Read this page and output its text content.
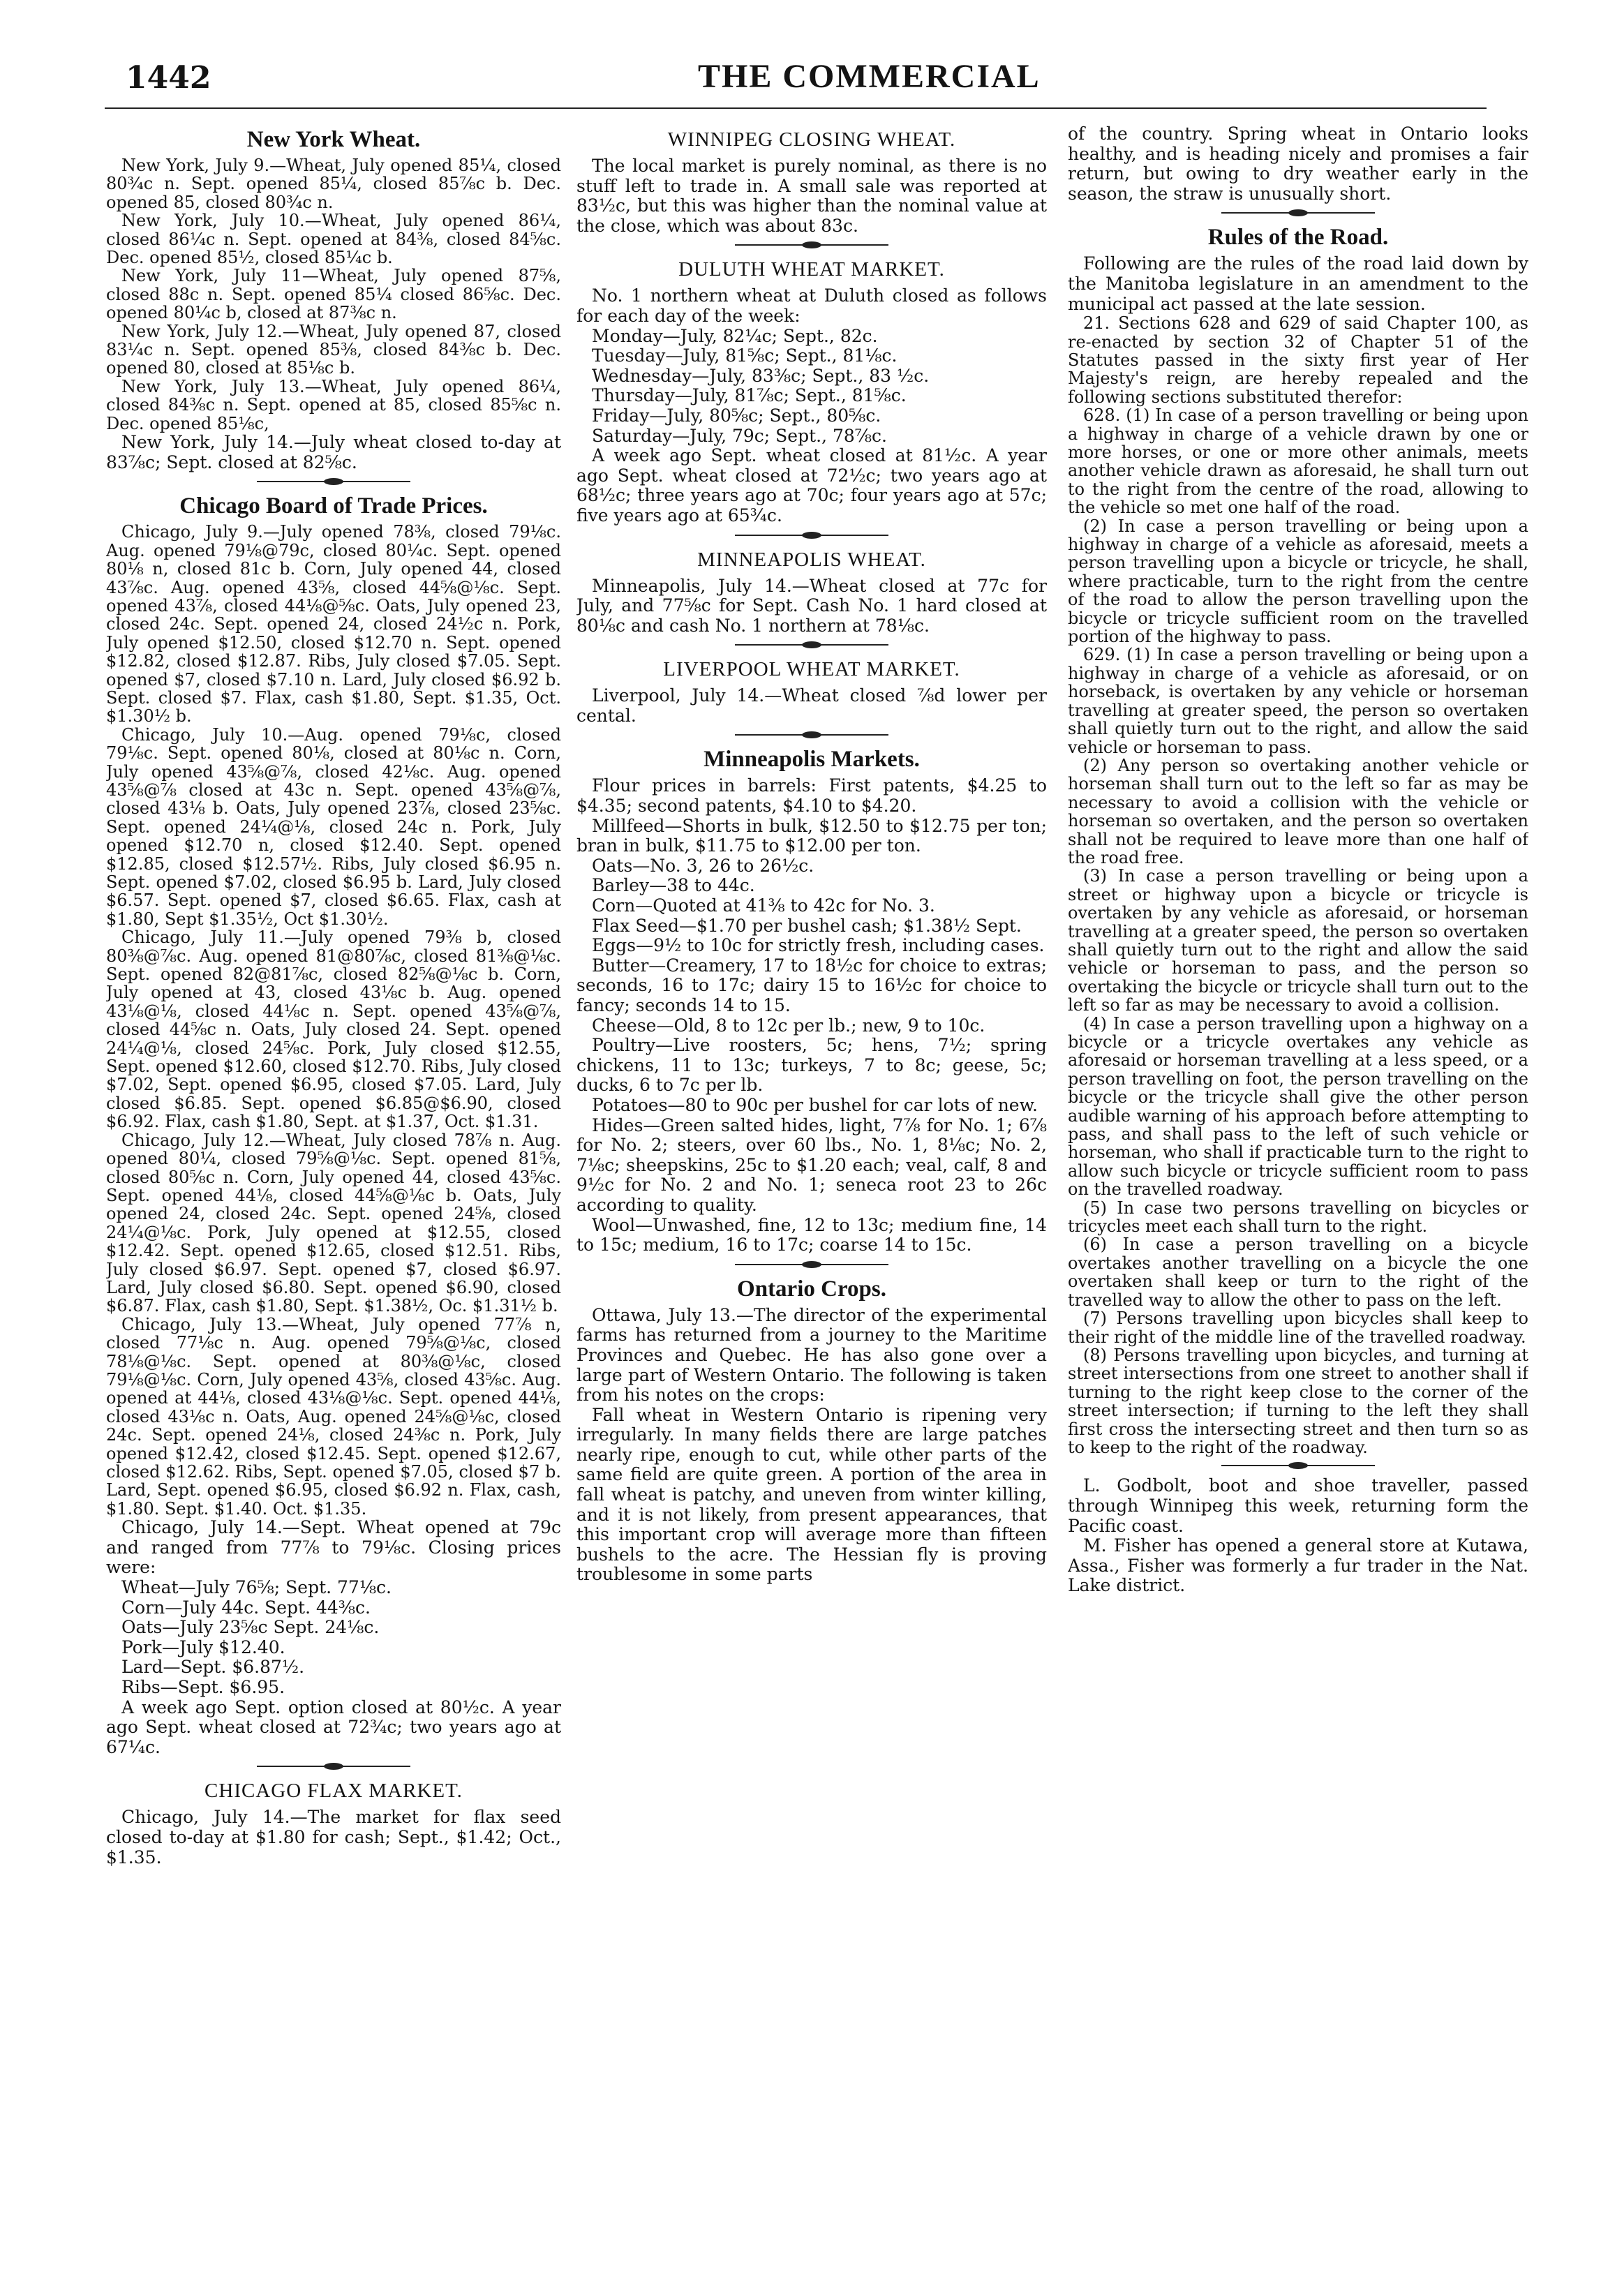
1442	THE COMMERCIAL
New York Wheat.

New York, July 9.—Wheat, July opened 85¼, closed 80¾c n. Sept. opened 85¼, closed 85⅞c b. Dec. opened 85, closed 80¾c n.

New York, July 10.—Wheat, July opened 86¼, closed 86¼c n. Sept. opened at 84⅜, closed 84⅝c. Dec. opened 85½, closed 85¼c b.

New York, July 11—Wheat, July opened 87⅝, closed 88c n. Sept. opened 85¼ closed 86⅝c. Dec. opened 80¼c b, closed at 87⅜c n.

New York, July 12.—Wheat, July opened 87, closed 83¼c n. Sept. opened 85⅜, closed 84⅜c b. Dec. opened 80, closed at 85⅛c b.

New York, July 13.—Wheat, July opened 86¼, closed 84⅜c n. Sept. opened at 85, closed 85⅝c n. Dec. opened 85⅛c,

New York, July 14.—July wheat closed to-day at 83⅞c; Sept. closed at 82⅝c.

Chicago Board of Trade Prices.

Chicago, July 9.—July opened 78⅜, closed 79⅛c. Aug. opened 79⅛@79c, closed 80¼c. Sept. opened 80⅛ n, closed 81c b. Corn, July opened 44, closed 43⅞c. Aug. opened 43⅝, closed 44⅝@⅛c. Sept. opened 43⅞, closed 44⅛@⅝c. Oats, July opened 23, closed 24c. Sept. opened 24, closed 24½c n. Pork, July opened $12.50, closed $12.70 n. Sept. opened $12.82, closed $12.87. Ribs, July closed $7.05. Sept. opened $7, closed $7.10 n. Lard, July closed $6.92 b. Sept. closed $7. Flax, cash $1.80, Sept. $1.35, Oct. $1.30½ b.

Chicago, July 10.—Aug. opened 79⅛c, closed 79⅛c. Sept. opened 80⅛, closed at 80⅛c n. Corn, July opened 43⅝@⅞, closed 42⅛c. Aug. opened 43⅝@⅞ closed at 43c n. Sept. opened 43⅝@⅞, closed 43⅛ b. Oats, July opened 23⅞, closed 23⅝c. Sept. opened 24¼@⅛, closed 24c n. Pork, July opened $12.70 n, closed $12.40. Sept. opened $12.85, closed $12.57½. Ribs, July closed $6.95 n. Sept. opened $7.02, closed $6.95 b. Lard, July closed $6.57. Sept. opened $7, closed $6.65. Flax, cash at $1.80, Sept $1.35½, Oct $1.30½.

Chicago, July 11.—July opened 79⅜ b, closed 80⅜@⅞c. Aug. opened 81@80⅞c, closed 81⅜@⅛c. Sept. opened 82@81⅞c, closed 82⅝@⅛c b. Corn, July opened at 43, closed 43⅛c b. Aug. opened 43⅛@⅛, closed 44⅛c n. Sept. opened 43⅝@⅞, closed 44⅝c n. Oats, July closed 24. Sept. opened 24¼@⅛, closed 24⅝c. Pork, July closed $12.55, Sept. opened $12.60, closed $12.70. Ribs, July closed $7.02, Sept. opened $6.95, closed $7.05. Lard, July closed $6.85. Sept. opened $6.85@$6.90, closed $6.92. Flax, cash $1.80, Sept. at $1.37, Oct. $1.31.

Chicago, July 12.—Wheat, July closed 78⅞ n. Aug. opened 80¼, closed 79⅝@⅛c. Sept. opened 81⅝, closed 80⅝c n. Corn, July opened 44, closed 43⅝c. Sept. opened 44⅛, closed 44⅝@⅛c b. Oats, July opened 24, closed 24c. Sept. opened 24⅝, closed 24¼@⅛c. Pork, July opened at $12.55, closed $12.42. Sept. opened $12.65, closed $12.51. Ribs, July closed $6.97. Sept. opened $7, closed $6.97. Lard, July closed $6.80. Sept. opened $6.90, closed $6.87. Flax, cash $1.80, Sept. $1.38½, Oc. $1.31½ b.

Chicago, July 13.—Wheat, July opened 77⅞ n, closed 77⅛c n. Aug. opened 79⅝@⅛c, closed 78⅛@⅛c. Sept. opened at 80⅜@⅛c, closed 79⅛@⅛c. Corn, July opened 43⅝, closed 43⅝c. Aug. opened at 44⅛, closed 43⅛@⅛c. Sept. opened 44⅛, closed 43⅛c n. Oats, Aug. opened 24⅝@⅛c, closed 24c. Sept. opened 24⅛, closed 24⅜c n. Pork, July opened $12.42, closed $12.45. Sept. opened $12.67, closed $12.62. Ribs, Sept. opened $7.05, closed $7 b. Lard, Sept. opened $6.95, closed $6.92 n. Flax, cash, $1.80. Sept. $1.40. Oct. $1.35.

Chicago, July 14.—Sept. Wheat opened at 79c and ranged from 77⅞ to 79⅛c. Closing prices were:

Wheat—July 76⅝; Sept. 77⅛c.

Corn—July 44c. Sept. 44⅜c.

Oats—July 23⅝c Sept. 24⅛c.

Pork—July $12.40.

Lard—Sept. $6.87½.

Ribs—Sept. $6.95.

A week ago Sept. option closed at 80½c. A year ago Sept. wheat closed at 72¾c; two years ago at 67¼c.

CHICAGO FLAX MARKET.

Chicago, July 14.—The market for flax seed closed to-day at $1.80 for cash; Sept., $1.42; Oct., $1.35.

WINNIPEG CLOSING WHEAT.

The local market is purely nominal, as there is no stuff left to trade in. A small sale was reported at 83½c, but this was higher than the nominal value at the close, which was about 83c.

DULUTH WHEAT MARKET.

No. 1 northern wheat at Duluth closed as follows for each day of the week:

Monday—July, 82¼c; Sept., 82c.

Tuesday—July, 81⅝c; Sept., 81⅛c.

Wednesday—July, 83⅜c; Sept., 83 ½c.

Thursday—July, 81⅞c; Sept., 81⅝c.

Friday—July, 80⅝c; Sept., 80⅝c.

Saturday—July, 79c; Sept., 78⅞c.

A week ago Sept. wheat closed at 81½c. A year ago Sept. wheat closed at 72½c; two years ago at 68½c; three years ago at 70c; four years ago at 57c; five years ago at 65¾c.

MINNEAPOLIS WHEAT.

Minneapolis, July 14.—Wheat closed at 77c for July, and 77⅝c for Sept. Cash No. 1 hard closed at 80⅛c and cash No. 1 northern at 78⅛c.

LIVERPOOL WHEAT MARKET.

Liverpool, July 14.—Wheat closed ⅞d lower per cental.

Minneapolis Markets.

Flour prices in barrels: First patents, $4.25 to $4.35; second patents, $4.10 to $4.20.

Millfeed—Shorts in bulk, $12.50 to $12.75 per ton; bran in bulk, $11.75 to $12.00 per ton.

Oats—No. 3, 26 to 26½c.

Barley—38 to 44c.

Corn—Quoted at 41⅜ to 42c for No. 3.

Flax Seed—$1.70 per bushel cash; $1.38½ Sept.

Eggs—9½ to 10c for strictly fresh, including cases.

Butter—Creamery, 17 to 18½c for choice to extras; seconds, 16 to 17c; dairy 15 to 16½c for choice to fancy; seconds 14 to 15.

Cheese—Old, 8 to 12c per lb.; new, 9 to 10c.

Poultry—Live roosters, 5c; hens, 7½; spring chickens, 11 to 13c; turkeys, 7 to 8c; geese, 5c; ducks, 6 to 7c per lb.

Potatoes—80 to 90c per bushel for car lots of new.

Hides—Green salted hides, light, 7⅞ for No. 1; 6⅞ for No. 2; steers, over 60 lbs., No. 1, 8⅛c; No. 2, 7⅛c; sheepskins, 25c to $1.20 each; veal, calf, 8 and 9½c for No. 2 and No. 1; seneca root 23 to 26c according to quality.

Wool—Unwashed, fine, 12 to 13c; medium fine, 14 to 15c; medium, 16 to 17c; coarse 14 to 15c.

Ontario Crops.

Ottawa, July 13.—The director of the experimental farms has returned from a journey to the Maritime Provinces and Quebec. He has also gone over a large part of Western Ontario. The following is taken from his notes on the crops:

Fall wheat in Western Ontario is ripening very irregularly. In many fields there are large patches nearly ripe, enough to cut, while other parts of the same field are quite green. A portion of the area in fall wheat is patchy, and uneven from winter killing, and it is not likely, from present appearances, that this important crop will average more than fifteen bushels to the acre. The Hessian fly is proving troublesome in some parts

of the country. Spring wheat in Ontario looks healthy, and is heading nicely and promises a fair return, but owing to dry weather early in the season, the straw is unusually short.

Rules of the Road.

Following are the rules of the road laid down by the Manitoba legislature in an amendment to the municipal act passed at the late session.

21. Sections 628 and 629 of said Chapter 100, as re-enacted by section 32 of Chapter 51 of the Statutes passed in the sixty first year of Her Majesty's reign, are hereby repealed and the following sections substituted therefor:

628. (1) In case of a person travelling or being upon a highway in charge of a vehicle drawn by one or more horses, or one or more other animals, meets another vehicle drawn as aforesaid, he shall turn out to the right from the centre of the road, allowing to the vehicle so met one half of the road.

(2) In case a person travelling or being upon a highway in charge of a vehicle as aforesaid, meets a person travelling upon a bicycle or tricycle, he shall, where practicable, turn to the right from the centre of the road to allow the person travelling upon the bicycle or tricycle sufficient room on the travelled portion of the highway to pass.

629. (1) In case a person travelling or being upon a highway in charge of a vehicle as aforesaid, or on horseback, is overtaken by any vehicle or horseman travelling at greater speed, the person so overtaken shall quietly turn out to the right, and allow the said vehicle or horseman to pass.

(2) Any person so overtaking another vehicle or horseman shall turn out to the left so far as may be necessary to avoid a collision with the vehicle or horseman so overtaken, and the person so overtaken shall not be required to leave more than one half of the road free.

(3) In case a person travelling or being upon a street or highway upon a bicycle or tricycle is overtaken by any vehicle as aforesaid, or horseman travelling at a greater speed, the person so overtaken shall quietly turn out to the right and allow the said vehicle or horseman to pass, and the person so overtaking the bicycle or tricycle shall turn out to the left so far as may be necessary to avoid a collision.

(4) In case a person travelling upon a highway on a bicycle or a tricycle overtakes any vehicle as aforesaid or horseman travelling at a less speed, or a person travelling on foot, the person travelling on the bicycle or the tricycle shall give the other person audible warning of his approach before attempting to pass, and shall pass to the left of such vehicle or horseman, who shall if practicable turn to the right to allow such bicycle or tricycle sufficient room to pass on the travelled roadway.

(5) In case two persons travelling on bicycles or tricycles meet each shall turn to the right.

(6) In case a person travelling on a bicycle overtakes another travelling on a bicycle the one overtaken shall keep or turn to the right of the travelled way to allow the other to pass on the left.

(7) Persons travelling upon bicycles shall keep to their right of the middle line of the travelled roadway.

(8) Persons travelling upon bicycles, and turning at street intersections from one street to another shall if turning to the right keep close to the corner of the street intersection; if turning to the left they shall first cross the intersecting street and then turn so as to keep to the right of the roadway.

L. Godbolt, boot and shoe traveller, passed through Winnipeg this week, returning form the Pacific coast.

M. Fisher has opened a general store at Kutawa, Assa., Fisher was formerly a fur trader in the Nat. Lake district.
